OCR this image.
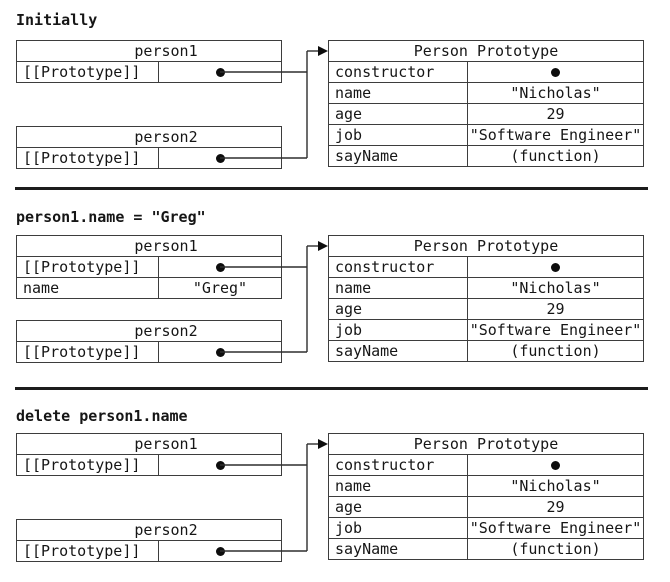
Initially
person1
[[Prototype]]
person2
[[Prototype]]
Person Prototype
constructor
name	"Nicholas"
age	29
job	"Software Engineer"
sayName	(function)
person1.name = "Greg"
person1
[[Prototype]]
name	"Greg"
person2
[[Prototype]]
Person Prototype
constructor
name	"Nicholas"
age	29
job	"Software Engineer"
sayName	(function)
delete person1.name
person1
[[Prototype]]
person2
[[Prototype]]
Person Prototype
constructor
name	"Nicholas"
age	29
job	"Software Engineer"
sayName	(function)
